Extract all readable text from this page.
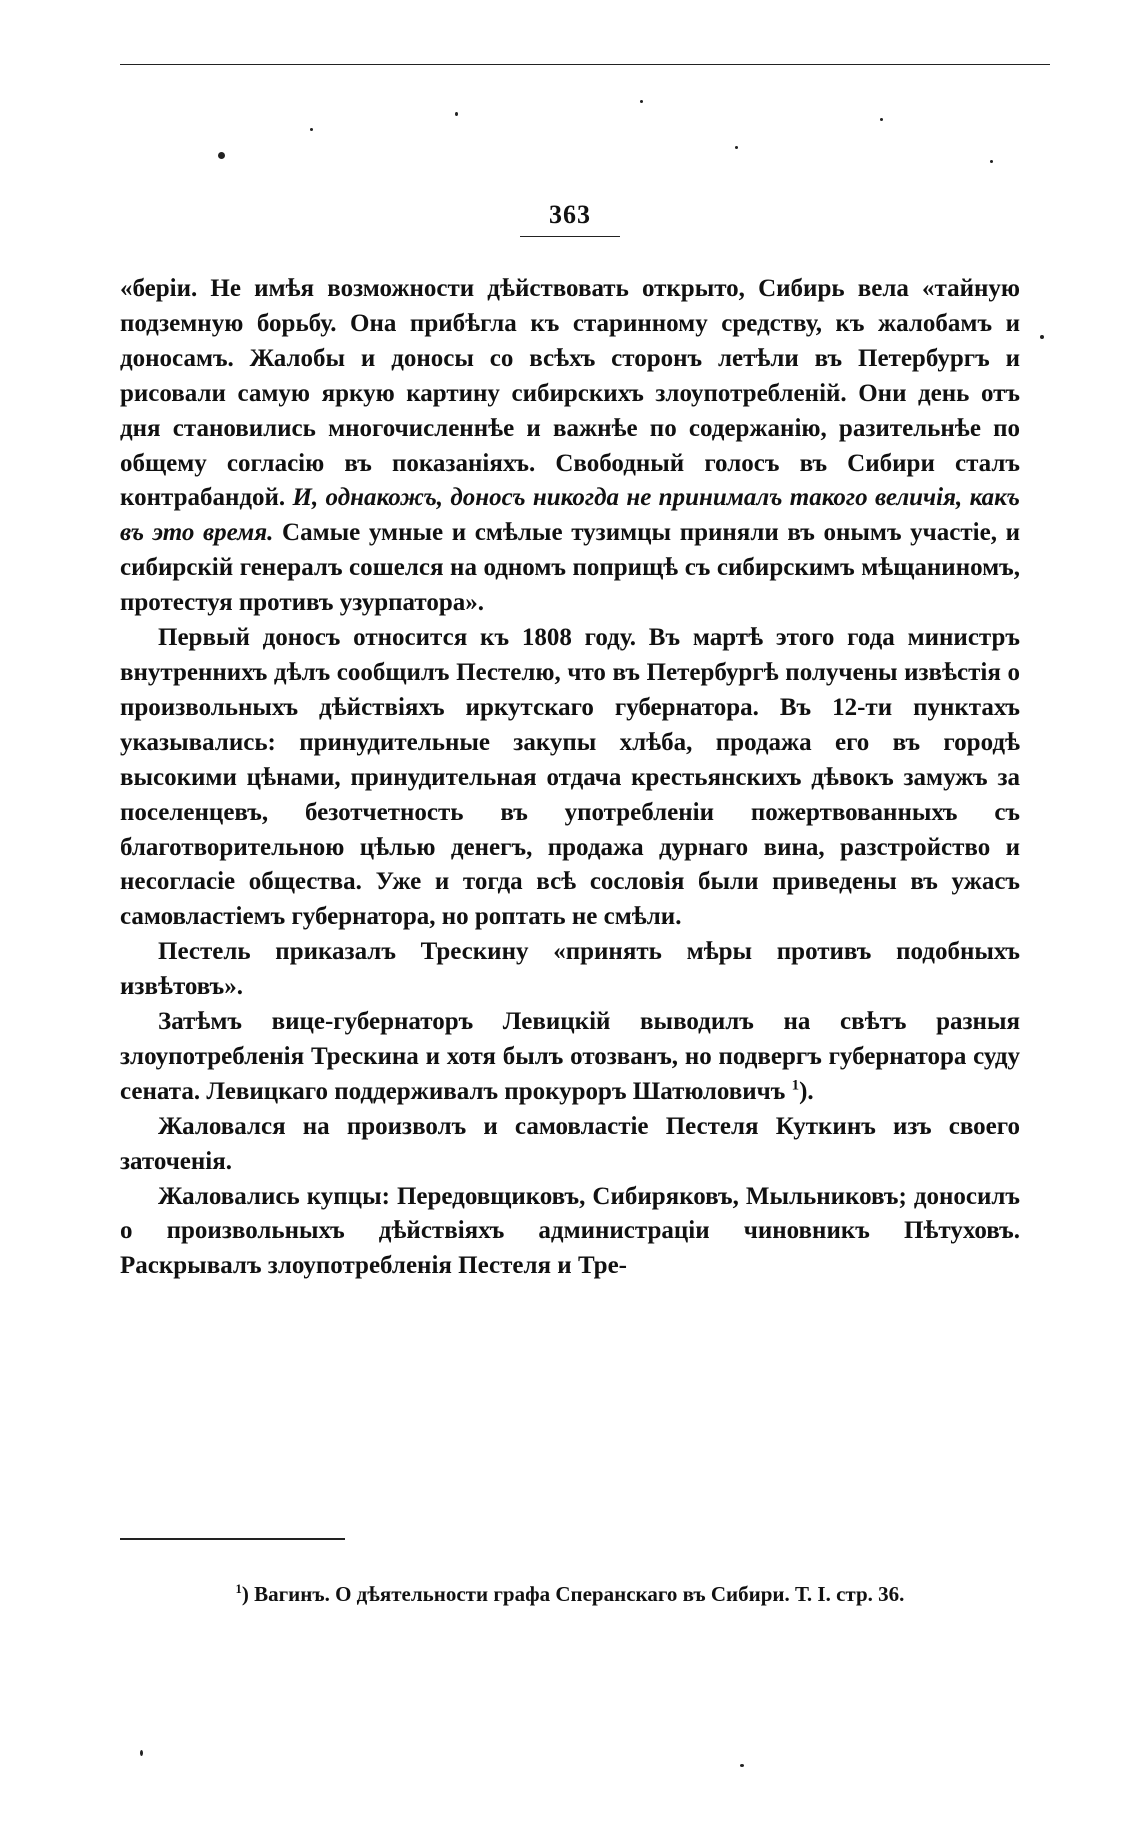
363

«беріи. Не имѣя возможности дѣйствовать открыто, Сибирь вела «тайную подземную борьбу. Она прибѣгла къ старинному средству, къ жалобамъ и доносамъ. Жалобы и доносы со всѣхъ сторонъ летѣли въ Петербургъ и рисовали самую яркую картину сибирскихъ злоупотребленій. Они день отъ дня становились многочисленнѣе и важнѣе по содержанію, разительнѣе по общему согласію въ показаніяхъ. Свободный голосъ въ Сибири сталъ контрабандой. И, однакожъ, доносъ никогда не принималъ такого величія, какъ въ это время. Самые умные и смѣлые тузимцы приняли въ онымъ участіе, и сибирскій генералъ сошелся на одномъ поприщѣ съ сибирскимъ мѣщаниномъ, протестуя противъ узурпатора».

Первый доносъ относится къ 1808 году. Въ мартѣ этого года министръ внутреннихъ дѣлъ сообщилъ Пестелю, что въ Петербургѣ получены извѣстія о произвольныхъ дѣйствіяхъ иркутскаго губернатора. Въ 12-ти пунктахъ указывались: принудительные закупы хлѣба, продажа его въ городѣ высокими цѣнами, принудительная отдача крестьянскихъ дѣвокъ замужъ за поселенцевъ, безотчетность въ употребленіи пожертвованныхъ съ благотворительною цѣлью денегъ, продажа дурнаго вина, разстройство и несогласіе общества. Уже и тогда всѣ сословія были приведены въ ужасъ самовластіемъ губернатора, но роптать не смѣли.

Пестель приказалъ Трескину «принять мѣры противъ подобныхъ извѣтовъ».

Затѣмъ вице-губернаторъ Левицкій выводилъ на свѣтъ разныя злоупотребленія Трескина и хотя былъ отозванъ, но подвергъ губернатора суду сената. Левицкаго поддерживалъ прокуроръ Шатюловичъ $^1$).

Жаловался на произволъ и самовластіе Пестеля Куткинъ изъ своего заточенія.

Жаловались купцы: Передовщиковъ, Сибиряковъ, Мыльниковъ; доносилъ о произвольныхъ дѣйствіяхъ администраціи чиновникъ Пѣтуховъ. Раскрывалъ злоупотребленія Пестеля и Тре-

$^1$) Вагинъ. О дѣятельности графа Сперанскаго въ Сибири. Т. I. стр. 36.
